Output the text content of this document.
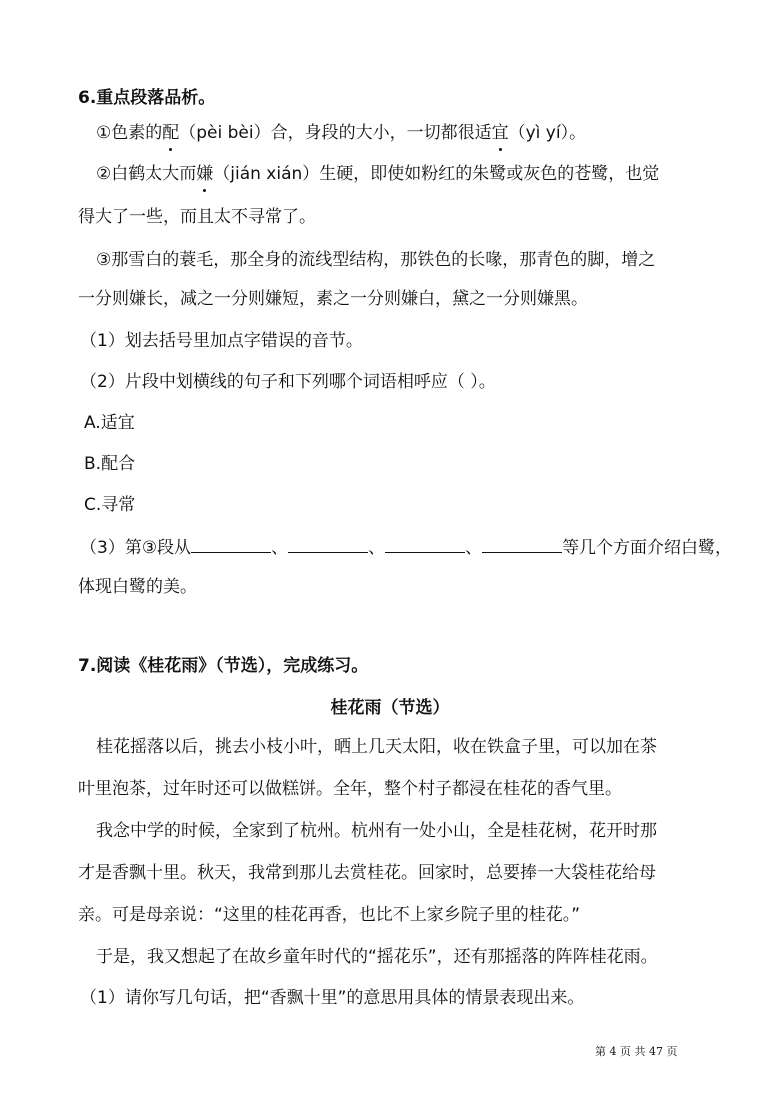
6.重点段落品析。
①色素的配（pèi bèi）合，身段的大小，一切都很适宜（yì yí）。
②白鹤太大而嫌（jián xián）生硬，即使如粉红的朱鹭或灰色的苍鹭，也觉
得大了一些，而且太不寻常了。
③那雪白的蓑毛，那全身的流线型结构，那铁色的长喙，那青色的脚，增之
一分则嫌长，减之一分则嫌短，素之一分则嫌白，黛之一分则嫌黑。
（1）划去括号里加点字错误的音节。
（2）片段中划横线的句子和下列哪个词语相呼应（ ）。
A.适宜
B.配合
C.寻常
（3）第③段从	、	、	、	等几个方面介绍白鹭，
体现白鹭的美。
7.阅读《桂花雨》（节选），完成练习。
桂花雨（节选）
桂花摇落以后，挑去小枝小叶，晒上几天太阳，收在铁盒子里，可以加在茶
叶里泡茶，过年时还可以做糕饼。全年，整个村子都浸在桂花的香气里。
我念中学的时候，全家到了杭州。杭州有一处小山，全是桂花树，花开时那
才是香飘十里。秋天，我常到那儿去赏桂花。回家时，总要捧一大袋桂花给母
亲。可是母亲说：“这里的桂花再香，也比不上家乡院子里的桂花。”
于是，我又想起了在故乡童年时代的“摇花乐”，还有那摇落的阵阵桂花雨。
（1）请你写几句话，把“香飘十里”的意思用具体的情景表现出来。
第 4 页 共 47 页
